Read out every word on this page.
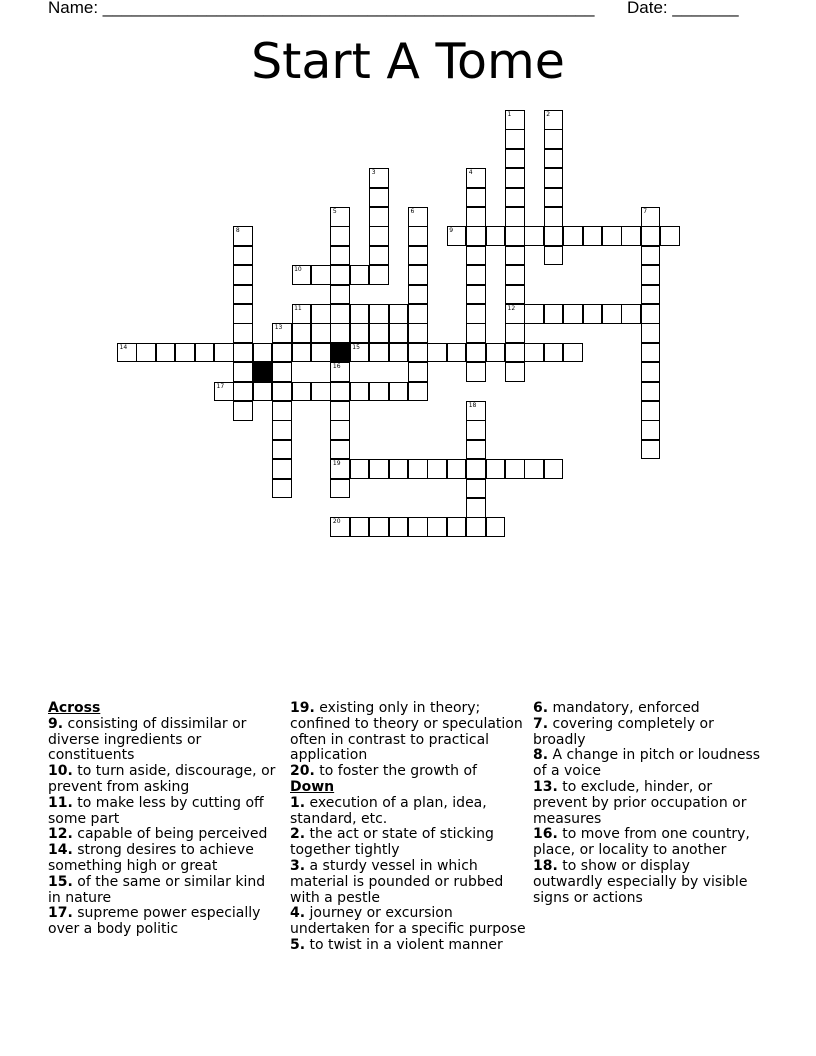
Name: ____________________________________________________ Date: _______
Start A Tome
1	2
3	4
5	6	7
8	9
10
11	12
13
14	15
16
17
18
19
20
Across
9. consisting of dissimilar or diverse ingredients or constituents
10. to turn aside, discourage, or prevent from asking
11. to make less by cutting off some part
12. capable of being perceived
14. strong desires to achieve something high or great
15. of the same or similar kind in nature
17. supreme power especially over a body politic
19. existing only in theory; confined to theory or speculation often in contrast to practical application
20. to foster the growth of
Down
1. execution of a plan, idea, standard, etc.
2. the act or state of sticking together tightly
3. a sturdy vessel in which material is pounded or rubbed with a pestle
4. journey or excursion undertaken for a specific purpose
5. to twist in a violent manner
6. mandatory, enforced
7. covering completely or broadly
8. A change in pitch or loudness of a voice
13. to exclude, hinder, or prevent by prior occupation or measures
16. to move from one country, place, or locality to another
18. to show or display outwardly especially by visible signs or actions
